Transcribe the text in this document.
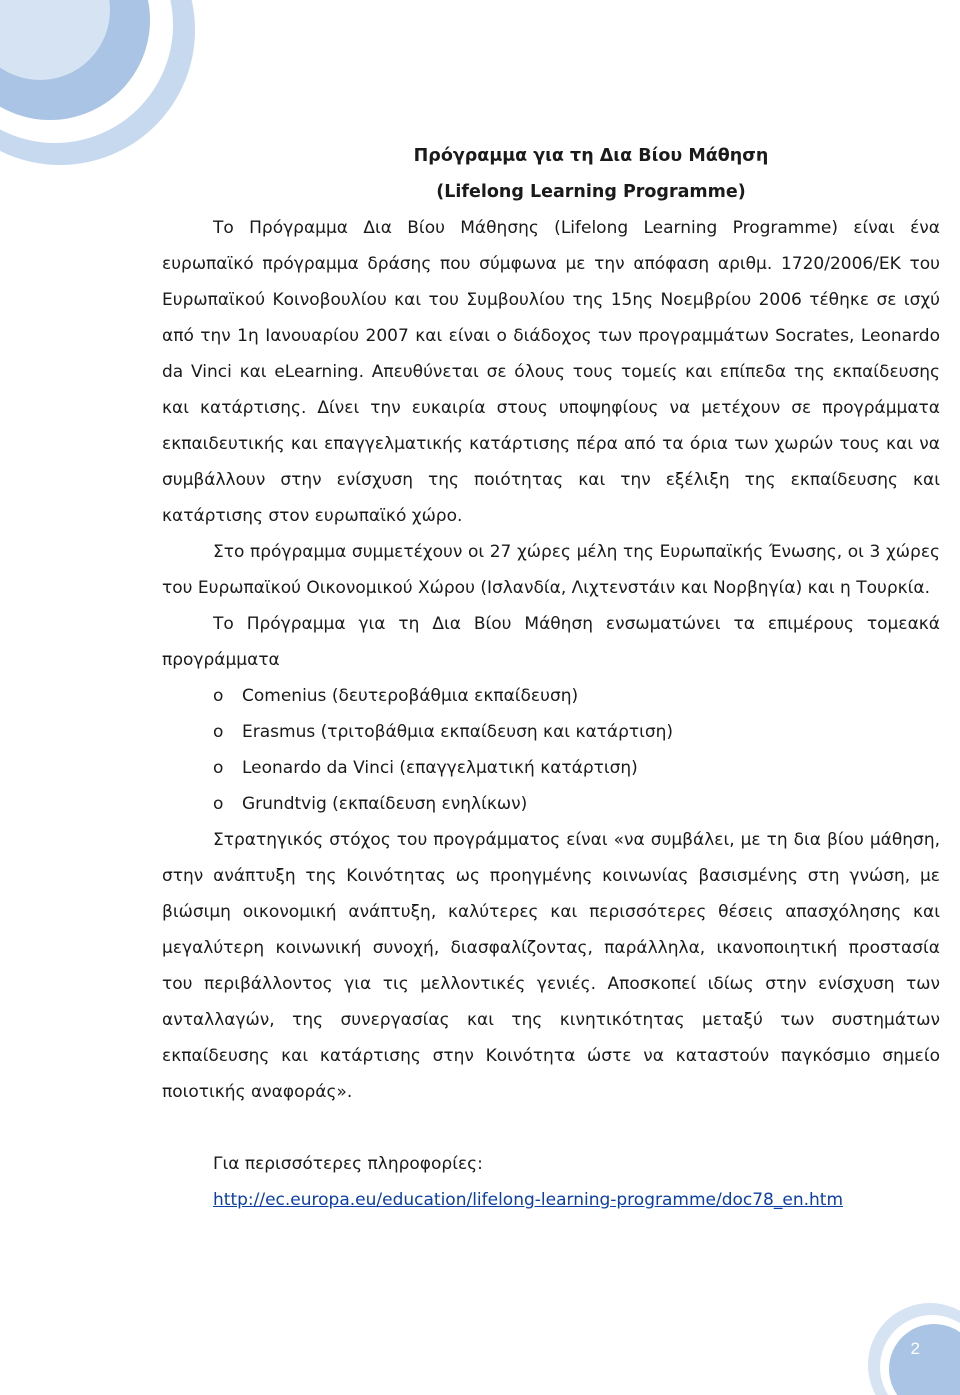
2

Πρόγραμμα για τη Δια Βίου Μάθηση

(Lifelong Learning Programme)

Το Πρόγραμμα Δια Βίου Μάθησης (Lifelong Learning Programme) είναι ένα ευρωπαϊκό πρόγραμμα δράσης που σύμφωνα με την απόφαση αριθμ. 1720/2006/ΕΚ του Ευρωπαϊκού Κοινοβουλίου και του Συμβουλίου της 15ης Νοεμβρίου 2006 τέθηκε σε ισχύ από την 1η Ιανουαρίου 2007 και είναι ο διάδοχος των προγραμμάτων Socrates, Leonardo da Vinci και eLearning. Απευθύνεται σε όλους τους τομείς και επίπεδα της εκπαίδευσης και κατάρτισης. Δίνει την ευκαιρία στους υποψηφίους να μετέχουν σε προγράμματα εκπαιδευτικής και επαγγελματικής κατάρτισης πέρα από τα όρια των χωρών τους και να συμβάλλουν στην ενίσχυση της ποιότητας και την εξέλιξη της εκπαίδευσης και κατάρτισης στον ευρωπαϊκό χώρο.

Στο πρόγραμμα συμμετέχουν οι 27 χώρες μέλη της Ευρωπαϊκής Ένωσης, οι 3 χώρες του Ευρωπαϊκού Οικονομικού Χώρου (Ισλανδία, Λιχτενστάιν και Νορβηγία) και η Τουρκία.

Το Πρόγραμμα για τη Δια Βίου Μάθηση ενσωματώνει τα επιμέρους τομεακά προγράμματα

o Comenius (δευτεροβάθμια εκπαίδευση)
o Erasmus (τριτοβάθμια εκπαίδευση και κατάρτιση)
o Leonardo da Vinci (επαγγελματική κατάρτιση)
o Grundtvig (εκπαίδευση ενηλίκων)

Στρατηγικός στόχος του προγράμματος είναι «να συμβάλει, με τη δια βίου μάθηση, στην ανάπτυξη της Κοινότητας ως προηγμένης κοινωνίας βασισμένης στη γνώση, με βιώσιμη οικονομική ανάπτυξη, καλύτερες και περισσότερες θέσεις απασχόλησης και μεγαλύτερη κοινωνική συνοχή, διασφαλίζοντας, παράλληλα, ικανοποιητική προστασία του περιβάλλοντος για τις μελλοντικές γενιές. Αποσκοπεί ιδίως στην ενίσχυση των ανταλλαγών, της συνεργασίας και της κινητικότητας μεταξύ των συστημάτων εκπαίδευσης και κατάρτισης στην Κοινότητα ώστε να καταστούν παγκόσμιο σημείο ποιοτικής αναφοράς».

Για περισσότερες πληροφορίες:

http://ec.europa.eu/education/lifelong-learning-programme/doc78_en.htm
